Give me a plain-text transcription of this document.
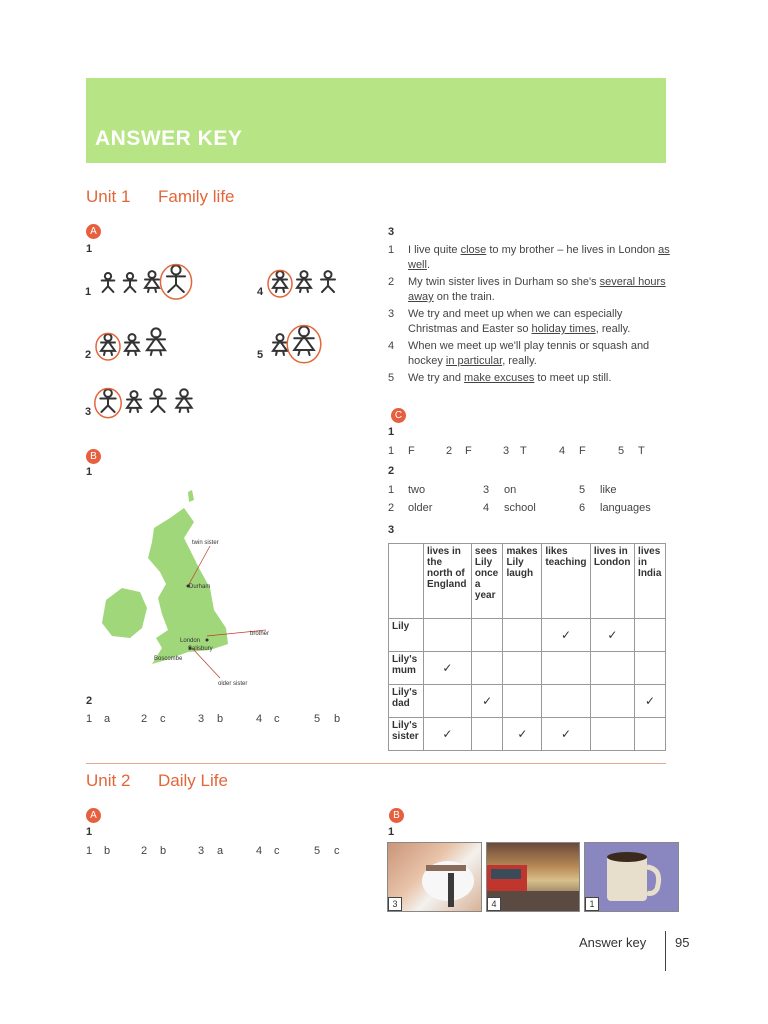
ANSWER KEY
Unit 1 Family life
A
1
1
2
3
4
5
B
1
twin sister
Durham
brother
London
Salisbury
Boscombe
older sister
2
1 a	2 c	3 b	4 c	5 b
3
1 I live quite close to my brother – he lives in London as well.
2 My twin sister lives in Durham so she's several hours away on the train.
3 We try and meet up when we can especially Christmas and Easter so holiday times, really.
4 When we meet up we'll play tennis or squash and hockey in particular, really.
5 We try and make excuses to meet up still.
C
1
1 F	2 F	3 T	4 F	5 T
2
1 two	3 on	5 like
2 older	4 school	6 languages
3
	lives in the north of England	sees Lily once a year	makes Lily laugh	likes teaching	lives in London	lives in India
Lily				✓	✓	
Lily's mum	✓					
Lily's dad		✓				✓
Lily's sister	✓		✓	✓		
Unit 2 Daily Life
A
1
1 b	2 b	3 a	4 c	5 c
B
1
3	4	1
Answer key 95
